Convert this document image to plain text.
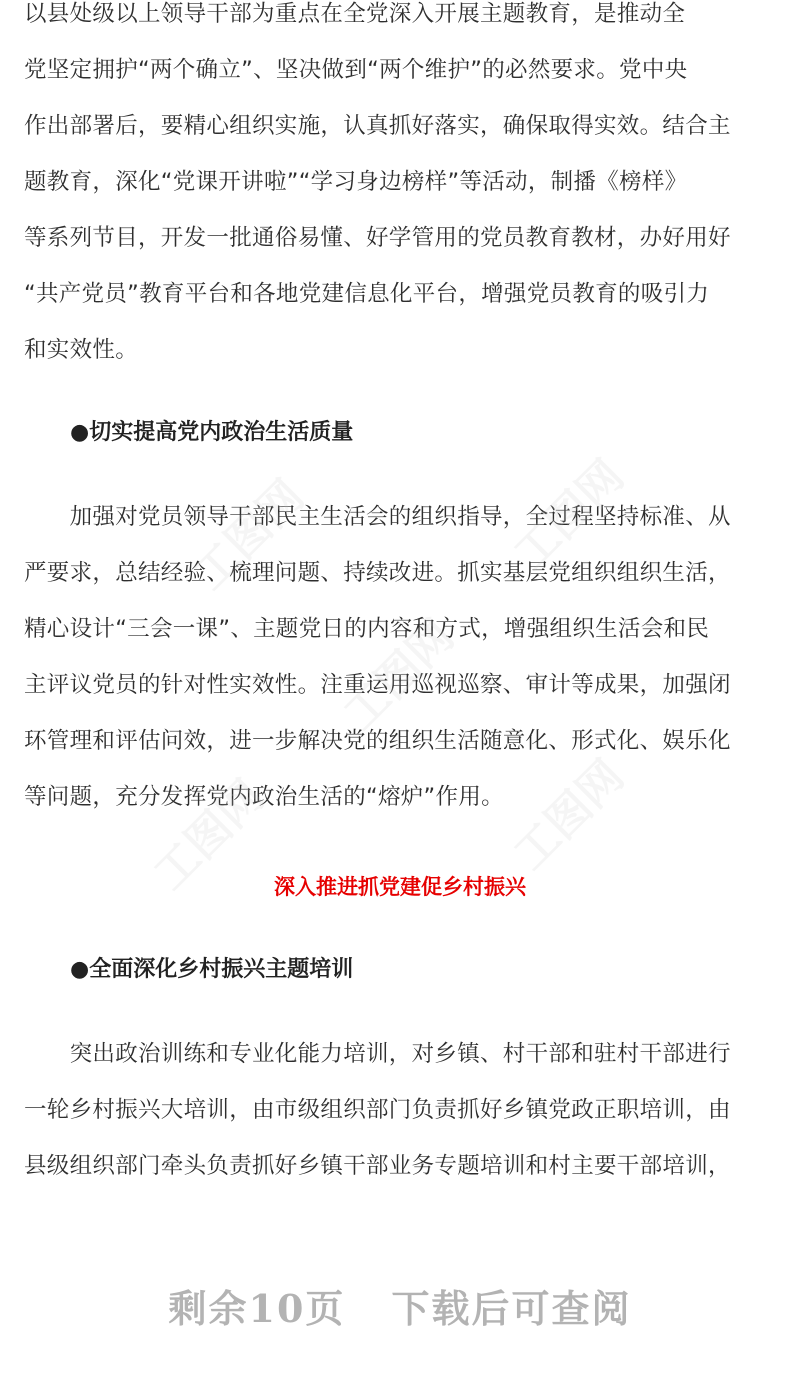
以县处级以上领导干部为重点在全党深入开展主题教育，是推动全
党坚定拥护“两个确立”、坚决做到“两个维护”的必然要求。党中央
作出部署后，要精心组织实施，认真抓好落实，确保取得实效。结合主
题教育，深化“党课开讲啦”“学习身边榜样”等活动，制播《榜样》
等系列节目，开发一批通俗易懂、好学管用的党员教育教材，办好用好
“共产党员”教育平台和各地党建信息化平台，增强党员教育的吸引力
和实效性。

●切实提高党内政治生活质量

　　加强对党员领导干部民主生活会的组织指导，全过程坚持标准、从
严要求，总结经验、梳理问题、持续改进。抓实基层党组织组织生活，
精心设计“三会一课”、主题党日的内容和方式，增强组织生活会和民
主评议党员的针对性实效性。注重运用巡视巡察、审计等成果，加强闭
环管理和评估问效，进一步解决党的组织生活随意化、形式化、娱乐化
等问题，充分发挥党内政治生活的“熔炉”作用。

深入推进抓党建促乡村振兴

●全面深化乡村振兴主题培训

　　突出政治训练和专业化能力培训，对乡镇、村干部和驻村干部进行
一轮乡村振兴大培训，由市级组织部门负责抓好乡镇党政正职培训，由
县级组织部门牵头负责抓好乡镇干部业务专题培训和村主要干部培训，
工图网	工图网
工图网
工图网	工图网

剩余10页 下载后可查阅
